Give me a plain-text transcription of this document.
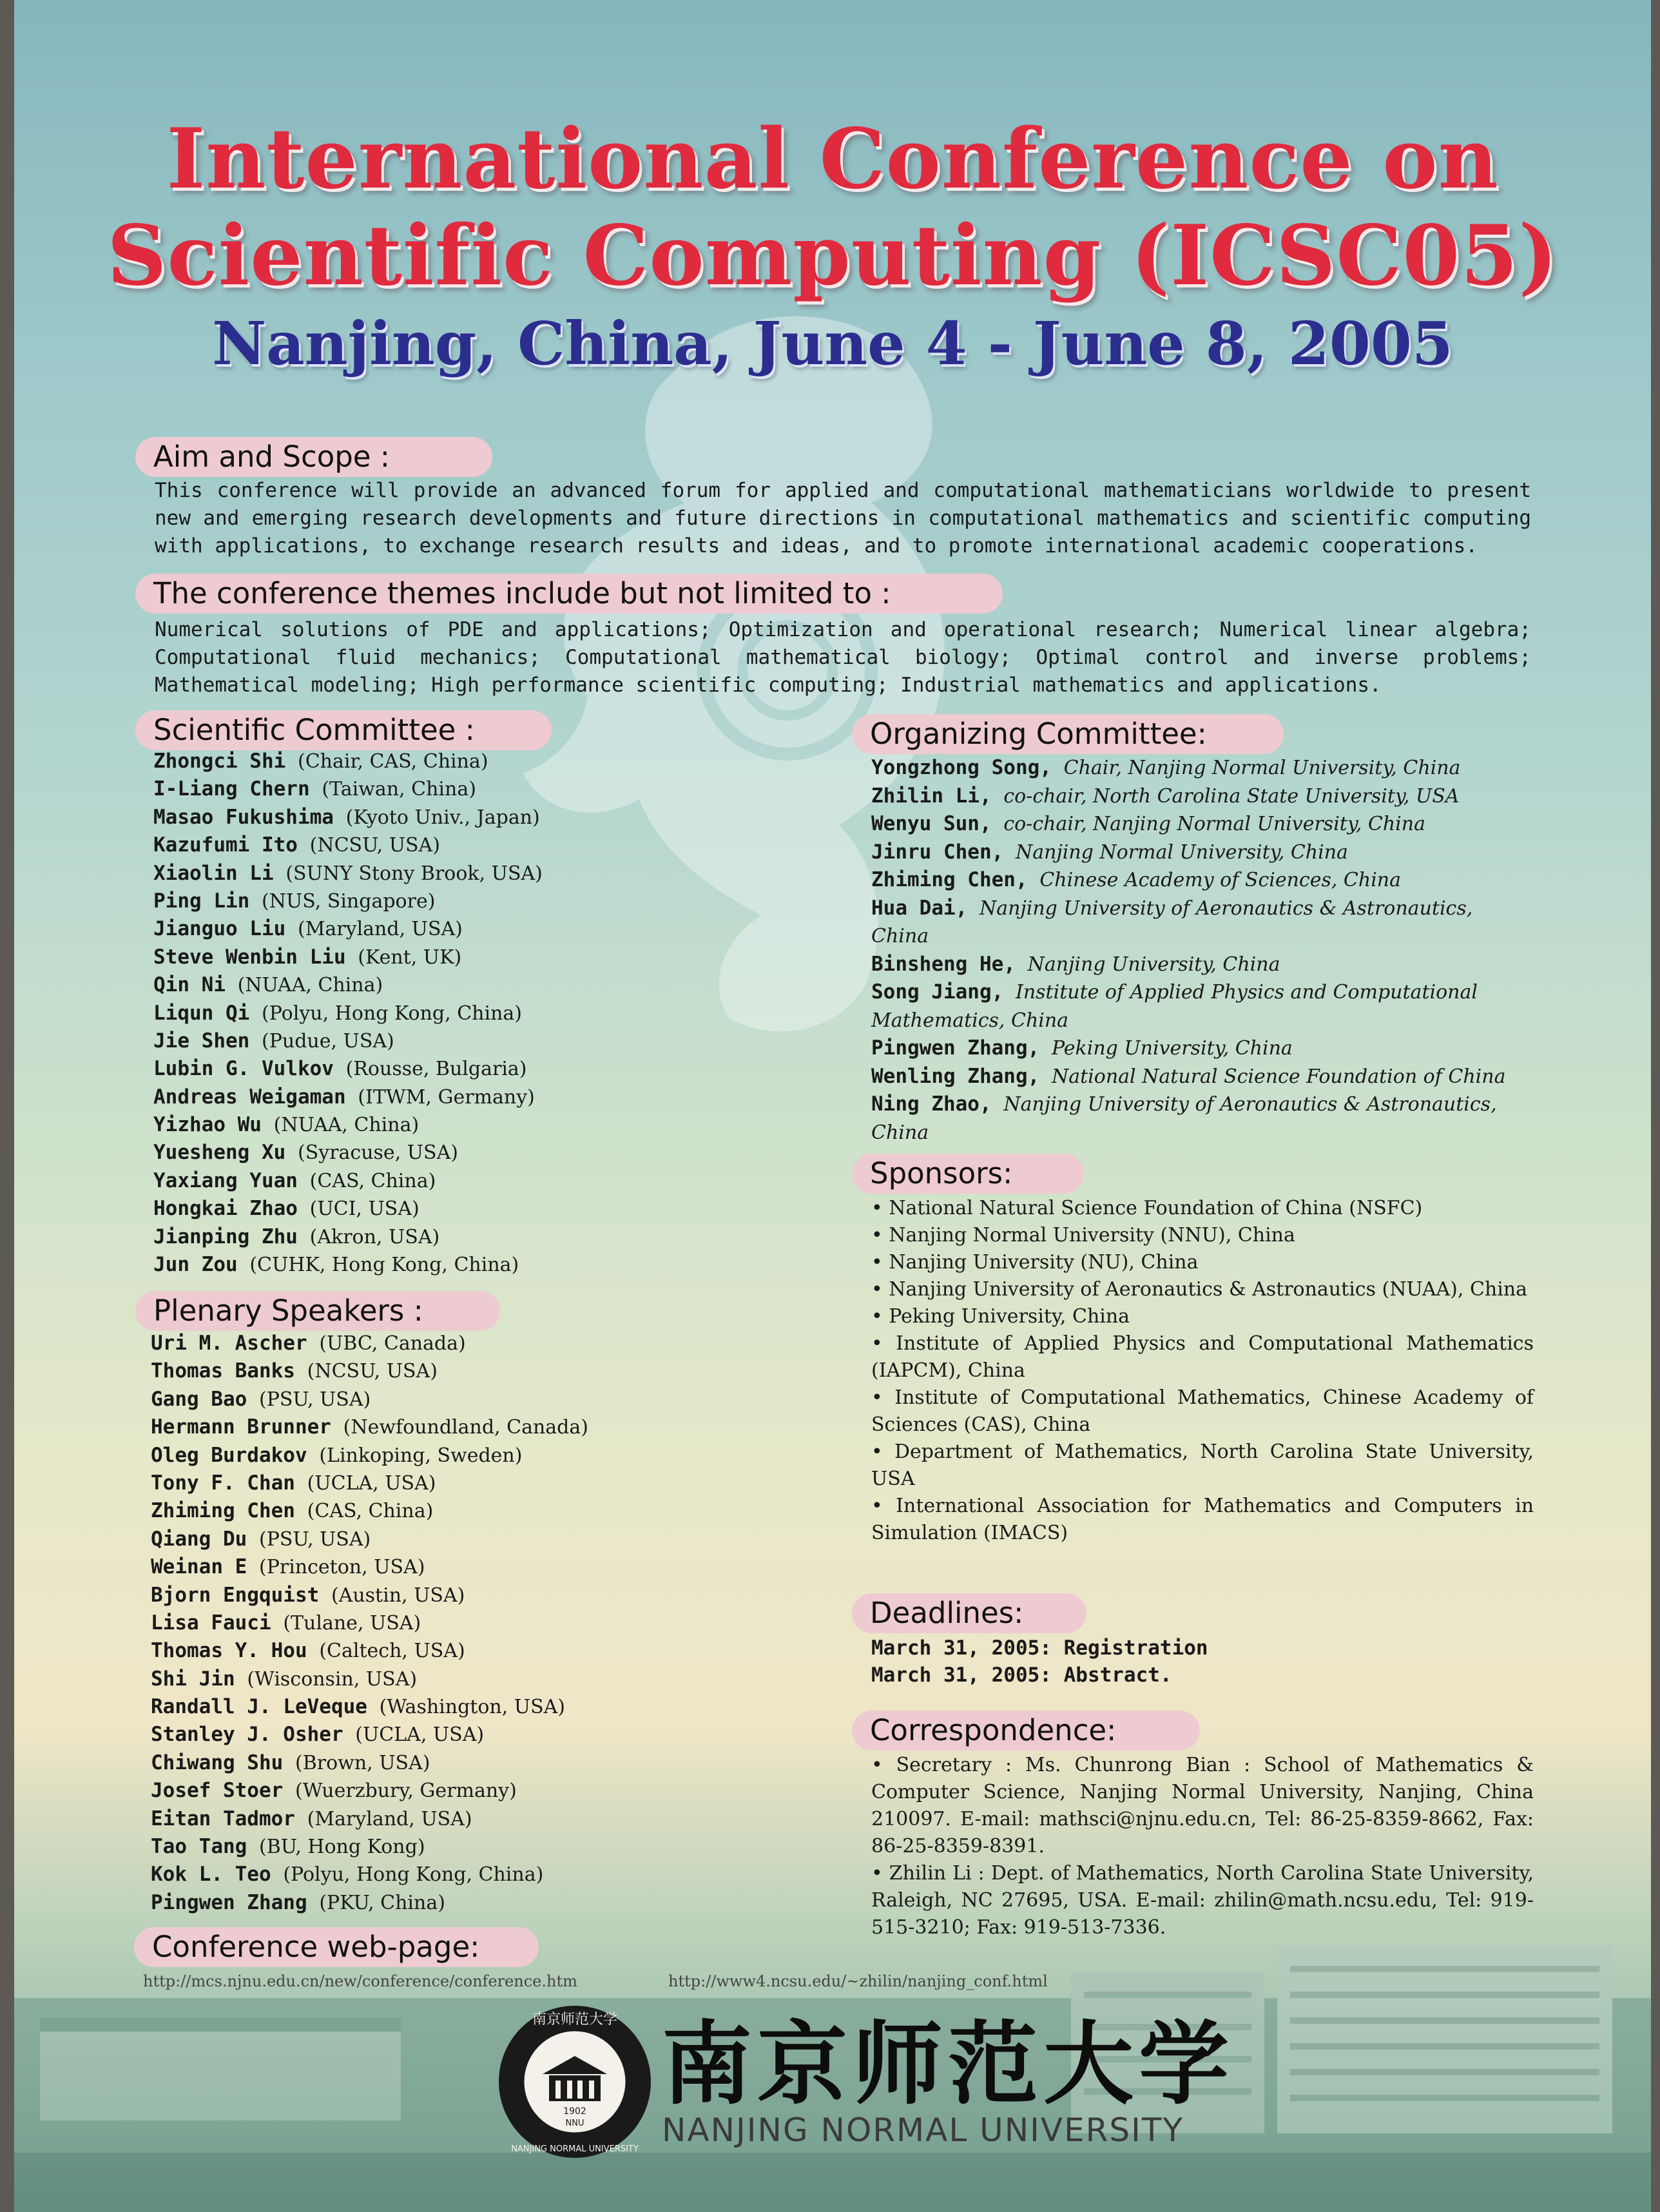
International Conference on
Scientific Computing (ICSC05)
Nanjing, China, June 4 - June 8, 2005
Aim and Scope :
This conference will provide an advanced forum for applied and computational mathematicians worldwide to present new and emerging research developments and future directions in computational mathematics and scientific computing with applications, to exchange research results and ideas, and to promote international academic cooperations.
The conference themes include but not limited to :
Numerical solutions of PDE and applications; Optimization and operational research; Numerical linear algebra; Computational fluid mechanics; Computational mathematical biology; Optimal control and inverse problems; Mathematical modeling; High performance scientific computing; Industrial mathematics and applications.
Scientific Committee :
Zhongci Shi (Chair, CAS, China)
I-Liang Chern (Taiwan, China)
Masao Fukushima (Kyoto Univ., Japan)
Kazufumi Ito (NCSU, USA)
Xiaolin Li (SUNY Stony Brook, USA)
Ping Lin (NUS, Singapore)
Jianguo Liu (Maryland, USA)
Steve Wenbin Liu (Kent, UK)
Qin Ni (NUAA, China)
Liqun Qi (Polyu, Hong Kong, China)
Jie Shen (Pudue, USA)
Lubin G. Vulkov (Rousse, Bulgaria)
Andreas Weigaman (ITWM, Germany)
Yizhao Wu (NUAA, China)
Yuesheng Xu (Syracuse, USA)
Yaxiang Yuan (CAS, China)
Hongkai Zhao (UCI, USA)
Jianping Zhu (Akron, USA)
Jun Zou (CUHK, Hong Kong, China)
Plenary Speakers :
Uri M. Ascher (UBC, Canada)
Thomas Banks (NCSU, USA)
Gang Bao (PSU, USA)
Hermann Brunner (Newfoundland, Canada)
Oleg Burdakov (Linkoping, Sweden)
Tony F. Chan (UCLA, USA)
Zhiming Chen (CAS, China)
Qiang Du (PSU, USA)
Weinan E (Princeton, USA)
Bjorn Engquist (Austin, USA)
Lisa Fauci (Tulane, USA)
Thomas Y. Hou (Caltech, USA)
Shi Jin (Wisconsin, USA)
Randall J. LeVeque (Washington, USA)
Stanley J. Osher (UCLA, USA)
Chiwang Shu (Brown, USA)
Josef Stoer (Wuerzbury, Germany)
Eitan Tadmor (Maryland, USA)
Tao Tang (BU, Hong Kong)
Kok L. Teo (Polyu, Hong Kong, China)
Pingwen Zhang (PKU, China)
Conference web-page:
http://mcs.njnu.edu.cn/new/conference/conference.htm	http://www4.ncsu.edu/~zhilin/nanjing_conf.html
Organizing Committee:
Yongzhong Song, Chair, Nanjing Normal University, China
Zhilin Li, co-chair, North Carolina State University, USA
Wenyu Sun, co-chair, Nanjing Normal University, China
Jinru Chen, Nanjing Normal University, China
Zhiming Chen, Chinese Academy of Sciences, China
Hua Dai, Nanjing University of Aeronautics & Astronautics, China
Binsheng He, Nanjing University, China
Song Jiang, Institute of Applied Physics and Computational Mathematics, China
Pingwen Zhang, Peking University, China
Wenling Zhang, National Natural Science Foundation of China
Ning Zhao, Nanjing University of Aeronautics & Astronautics, China
Sponsors:
• National Natural Science Foundation of China (NSFC)
• Nanjing Normal University (NNU), China
• Nanjing University (NU), China
• Nanjing University of Aeronautics & Astronautics (NUAA), China
• Peking University, China
• Institute of Applied Physics and Computational Mathematics (IAPCM), China
• Institute of Computational Mathematics, Chinese Academy of Sciences (CAS), China
• Department of Mathematics, North Carolina State University, USA
• International Association for Mathematics and Computers in Simulation (IMACS)
Deadlines:
March 31, 2005: Registration
March 31, 2005: Abstract.
Correspondence:
• Secretary : Ms. Chunrong Bian : School of Mathematics & Computer Science, Nanjing Normal University, Nanjing, China 210097. E-mail: mathsci@njnu.edu.cn, Tel: 86-25-8359-8662, Fax: 86-25-8359-8391.
• Zhilin Li : Dept. of Mathematics, North Carolina State University, Raleigh, NC 27695, USA. E-mail: zhilin@math.ncsu.edu, Tel: 919-515-3210; Fax: 919-513-7336.
1902
NNU
南京师范大学
NANJING NORMAL UNIVERSITY
南京师范大学
NANJING NORMAL UNIVERSITY
